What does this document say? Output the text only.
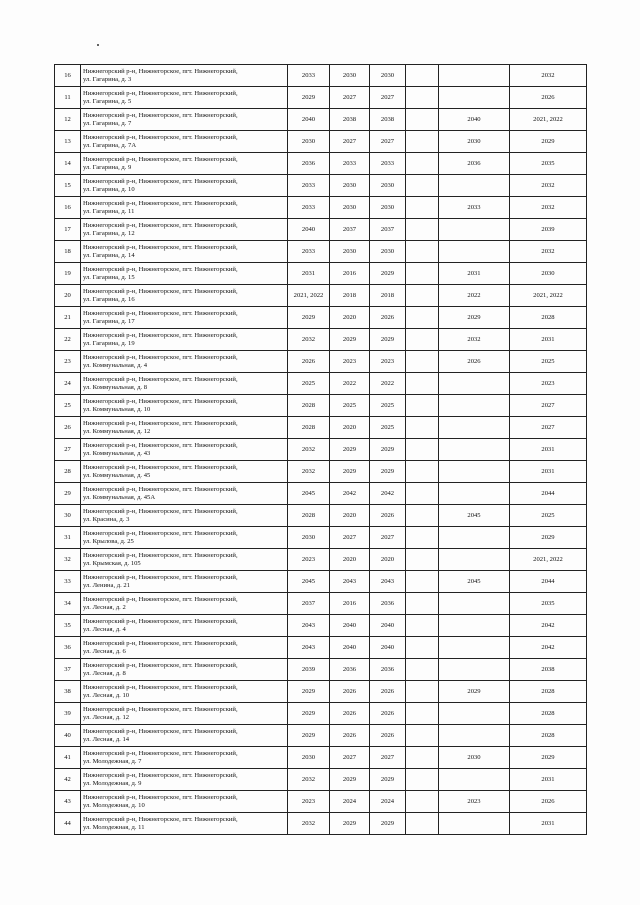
16	Нижнегорский р-н, Нижнегорское, пгт. Нижнегорский,
ул. Гагарина, д. 3	2033	2030	2030			2032
11	Нижнегорский р-н, Нижнегорское, пгт. Нижнегорский,
ул. Гагарина, д. 5	2029	2027	2027			2026
12	Нижнегорский р-н, Нижнегорское, пгт. Нижнегорский,
ул. Гагарина, д. 7	2040	2038	2038		2040	2021, 2022
13	Нижнегорский р-н, Нижнегорское, пгт. Нижнегорский,
ул. Гагарина, д. 7А	2030	2027	2027		2030	2029
14	Нижнегорский р-н, Нижнегорское, пгт. Нижнегорский,
ул. Гагарина, д. 9	2036	2033	2033		2036	2035
15	Нижнегорский р-н, Нижнегорское, пгт. Нижнегорский,
ул. Гагарина, д. 10	2033	2030	2030			2032
16	Нижнегорский р-н, Нижнегорское, пгт. Нижнегорский,
ул. Гагарина, д. 11	2033	2030	2030		2033	2032
17	Нижнегорский р-н, Нижнегорское, пгт. Нижнегорский,
ул. Гагарина, д. 12	2040	2037	2037			2039
18	Нижнегорский р-н, Нижнегорское, пгт. Нижнегорский,
ул. Гагарина, д. 14	2033	2030	2030			2032
19	Нижнегорский р-н, Нижнегорское, пгт. Нижнегорский,
ул. Гагарина, д. 15	2031	2016	2029		2031	2030
20	Нижнегорский р-н, Нижнегорское, пгт. Нижнегорский,
ул. Гагарина, д. 16	2021, 2022	2018	2018		2022	2021, 2022
21	Нижнегорский р-н, Нижнегорское, пгт. Нижнегорский,
ул. Гагарина, д. 17	2029	2020	2026		2029	2028
22	Нижнегорский р-н, Нижнегорское, пгт. Нижнегорский,
ул. Гагарина, д. 19	2032	2029	2029		2032	2031
23	Нижнегорский р-н, Нижнегорское, пгт. Нижнегорский,
ул. Коммунальная, д. 4	2026	2023	2023		2026	2025
24	Нижнегорский р-н, Нижнегорское, пгт. Нижнегорский,
ул. Коммунальная, д. 8	2025	2022	2022			2023
25	Нижнегорский р-н, Нижнегорское, пгт. Нижнегорский,
ул. Коммунальная, д. 10	2028	2025	2025			2027
26	Нижнегорский р-н, Нижнегорское, пгт. Нижнегорский,
ул. Коммунальная, д. 12	2028	2020	2025			2027
27	Нижнегорский р-н, Нижнегорское, пгт. Нижнегорский,
ул. Коммунальная, д. 43	2032	2029	2029			2031
28	Нижнегорский р-н, Нижнегорское, пгт. Нижнегорский,
ул. Коммунальная, д. 45	2032	2029	2029			2031
29	Нижнегорский р-н, Нижнегорское, пгт. Нижнегорский,
ул. Коммунальная, д. 45А	2045	2042	2042			2044
30	Нижнегорский р-н, Нижнегорское, пгт. Нижнегорский,
ул. Красина, д. 3	2028	2020	2026		2045	2025
31	Нижнегорский р-н, Нижнегорское, пгт. Нижнегорский,
ул. Крылова, д. 25	2030	2027	2027			2029
32	Нижнегорский р-н, Нижнегорское, пгт. Нижнегорский,
ул. Крымская, д. 105	2023	2020	2020			2021, 2022
33	Нижнегорский р-н, Нижнегорское, пгт. Нижнегорский,
ул. Ленина, д. 21	2045	2043	2043		2045	2044
34	Нижнегорский р-н, Нижнегорское, пгт. Нижнегорский,
ул. Лесная, д. 2	2037	2016	2036			2035
35	Нижнегорский р-н, Нижнегорское, пгт. Нижнегорский,
ул. Лесная, д. 4	2043	2040	2040			2042
36	Нижнегорский р-н, Нижнегорское, пгт. Нижнегорский,
ул. Лесная, д. 6	2043	2040	2040			2042
37	Нижнегорский р-н, Нижнегорское, пгт. Нижнегорский,
ул. Лесная, д. 8	2039	2036	2036			2038
38	Нижнегорский р-н, Нижнегорское, пгт. Нижнегорский,
ул. Лесная, д. 10	2029	2026	2026		2029	2028
39	Нижнегорский р-н, Нижнегорское, пгт. Нижнегорский,
ул. Лесная, д. 12	2029	2026	2026			2028
40	Нижнегорский р-н, Нижнегорское, пгт. Нижнегорский,
ул. Лесная, д. 14	2029	2026	2026			2028
41	Нижнегорский р-н, Нижнегорское, пгт. Нижнегорский,
ул. Молодежная, д. 7	2030	2027	2027		2030	2029
42	Нижнегорский р-н, Нижнегорское, пгт. Нижнегорский,
ул. Молодежная, д. 9	2032	2029	2029			2031
43	Нижнегорский р-н, Нижнегорское, пгт. Нижнегорский,
ул. Молодежная, д. 10	2023	2024	2024		2023	2026
44	Нижнегорский р-н, Нижнегорское, пгт. Нижнегорский,
ул. Молодежная, д. 11	2032	2029	2029			2031
